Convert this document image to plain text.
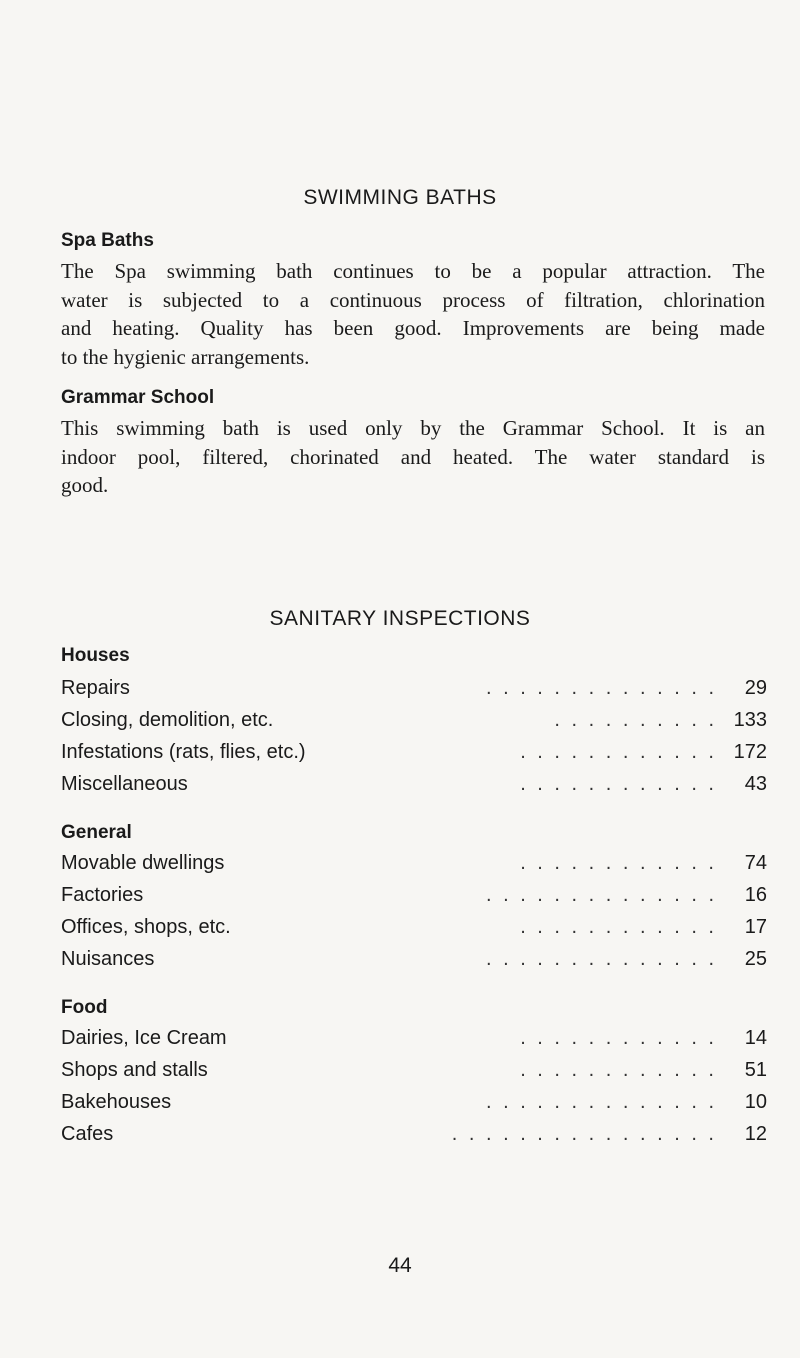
SWIMMING BATHS
Spa Baths
The Spa swimming bath continues to be a popular attraction. The
water is subjected to a continuous process of filtration, chlorination
and heating. Quality has been good. Improvements are being made
to the hygienic arrangements.
Grammar School
This swimming bath is used only by the Grammar School. It is an
indoor pool, filtered, chorinated and heated. The water standard is
good.
SANITARY INSPECTIONS
Houses
Repairs	. . . . . . . . . . . . . . 29
Closing, demolition, etc.	. . . . . . . . . . 133
Infestations (rats, flies, etc.)	. . . . . . . . . . . . 172
Miscellaneous	. . . . . . . . . . . . 43
General
Movable dwellings	. . . . . . . . . . . . 74
Factories	. . . . . . . . . . . . . . 16
Offices, shops, etc.	. . . . . . . . . . . . 17
Nuisances	. . . . . . . . . . . . . . 25
Food
Dairies, Ice Cream	. . . . . . . . . . . . 14
Shops and stalls	. . . . . . . . . . . . 51
Bakehouses	. . . . . . . . . . . . . . 10
Cafes	. . . . . . . . . . . . . . . . 12
44
